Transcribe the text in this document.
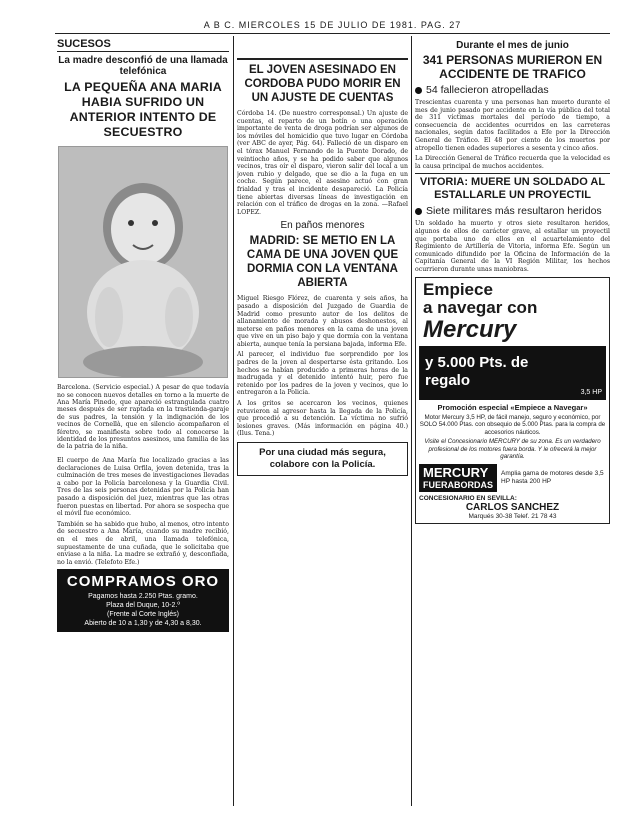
A B C. MIERCOLES 15 DE JULIO DE 1981. PAG. 27
SUCESOS
La madre desconfió de una llamada telefónica
LA PEQUEÑA ANA MARIA HABIA SUFRIDO UN ANTERIOR INTENTO DE SECUESTRO

Barcelona. (Servicio especial.) A pesar de que todavía no se conocen nuevos detalles en torno a la muerte de Ana María Pinedo, que apareció estrangulada cuatro meses después de ser raptada en la trastienda-garaje de sus padres, la tensión y la indignación de los vecinos de Cornellà, que en silencio acompañaron el féretro, se manifiesta sobre todo al conocerse la identidad de los presuntos asesinos, una familia de las de la patria de la niña.

El cuerpo de Ana María fue localizado gracias a las declaraciones de Luisa Orfila, joven detenida, tras la culminación de tres meses de investigaciones llevadas a cabo por la Policía barcelonesa y la Guardia Civil. Tres de las seis personas detenidas por la Policía han pasado a disposición del juez, mientras que las otras fueron puestas en libertad. Por ahora se sospecha que el móvil fue económico.

También se ha sabido que hubo, al menos, otro intento de secuestro a Ana María, cuando su madre recibió, en el mes de abril, una llamada telefónica, supuestamente de una cuñada, que le solicitaba que enviase a la niña. La madre se extrañó y, desconfiada, no la envió. (Telefoto Efe.)

COMPRAMOS ORO
Pagamos hasta 2.250 Ptas. gramo.
Plaza del Duque, 10-2.º
(Frente al Corte Inglés)
Abierto de 10 a 1,30 y de 4,30 a 8,30.
EL JOVEN ASESINADO EN CORDOBA PUDO MORIR EN UN AJUSTE DE CUENTAS

Córdoba 14. (De nuestro corresponsal.) Un ajuste de cuentas, el reparto de un botín o una operación importante de venta de droga podrían ser algunos de los móviles del homicidio que tuvo lugar en Córdoba (ver ABC de ayer, Pág. 64). Falleció de un disparo en el tórax Manuel Fernando de la Puente Dorado, de veintiocho años, y se ha podido saber que algunos vecinos, tras oír el disparo, vieron salir del local a un joven rubio y delgado, que se dio a la fuga en un coche. Según parece, el asesino actuó con gran frialdad y tras el incidente desapareció. La Policía tiene abiertas diversas líneas de investigación en relación con el tráfico de drogas en la zona. —Rafael LOPEZ.

En paños menores
MADRID: SE METIO EN LA CAMA DE UNA JOVEN QUE DORMIA CON LA VENTANA ABIERTA

Miguel Riesgo Flórez, de cuarenta y seis años, ha pasado a disposición del Juzgado de Guardia de Madrid como presunto autor de los delitos de allanamiento de morada y abusos deshonestos, al meterse en paños menores en la cama de una joven que vive en un piso bajo y que dormía con la ventana abierta, aunque tenía la persiana bajada, informa Efe.

Al parecer, el individuo fue sorprendido por los padres de la joven al despertarse ésta gritando. Los hechos se habían producido a primeras horas de la madrugada y el detenido intentó huir, pero fue retenido por los padres de la joven y vecinos, que lo entregaron a la Policía.

A los gritos se acercaron los vecinos, quienes retuvieron al agresor hasta la llegada de la Policía, que procedió a su detención. La víctima no sufrió lesiones graves. (Más información en página 40.) (Ilus. Tena.)

Por una ciudad más segura, colabore con la Policía.
Durante el mes de junio
341 PERSONAS MURIERON EN ACCIDENTE DE TRAFICO
54 fallecieron atropelladas

Trescientas cuarenta y una personas han muerto durante el mes de junio pasado por accidente en la vía pública del total de 311 víctimas mortales del período de tiempo, a consecuencia de accidentes ocurridos en las carreteras nacionales, según datos facilitados a Efe por la Dirección General de Tráfico. El 48 por ciento de los muertos por atropello tienen edades superiores a sesenta y cinco años.

La Dirección General de Tráfico recuerda que la velocidad es la causa principal de muchos accidentes.

VITORIA: MUERE UN SOLDADO AL ESTALLARLE UN PROYECTIL
Siete militares más resultaron heridos

Un soldado ha muerto y otros siete resultaron heridos, algunos de ellos de carácter grave, al estallar un proyectil que portaba uno de ellos en el acuartelamiento del Regimiento de Artillería de Vitoria, informa Efe. Según un comunicado difundido por la Oficina de Información de la Capitanía General de la VI Región Militar, los hechos ocurrieron durante unas maniobras.

Empiece
a navegar con
Mercury
y 5.000 Pts. de regalo
3,5 HP
Promoción especial «Empiece a Navegar»
Motor Mercury 3,5 HP, de fácil manejo, seguro y económico, por SOLO 54.000 Ptas. con obsequio de 5.000 Ptas. para la compra de accesorios náuticos.
Visite el Concesionario MERCURY de su zona. Es un verdadero profesional de los motores fuera borda. Y le ofrecerá la mejor garantía.
MERCURY
FUERABORDAS
Amplia gama de motores desde 3,5 HP hasta 200 HP
CONCESIONARIO EN SEVILLA:
CARLOS SANCHEZ
Marqués 30-38 Telef. 21 78 43
